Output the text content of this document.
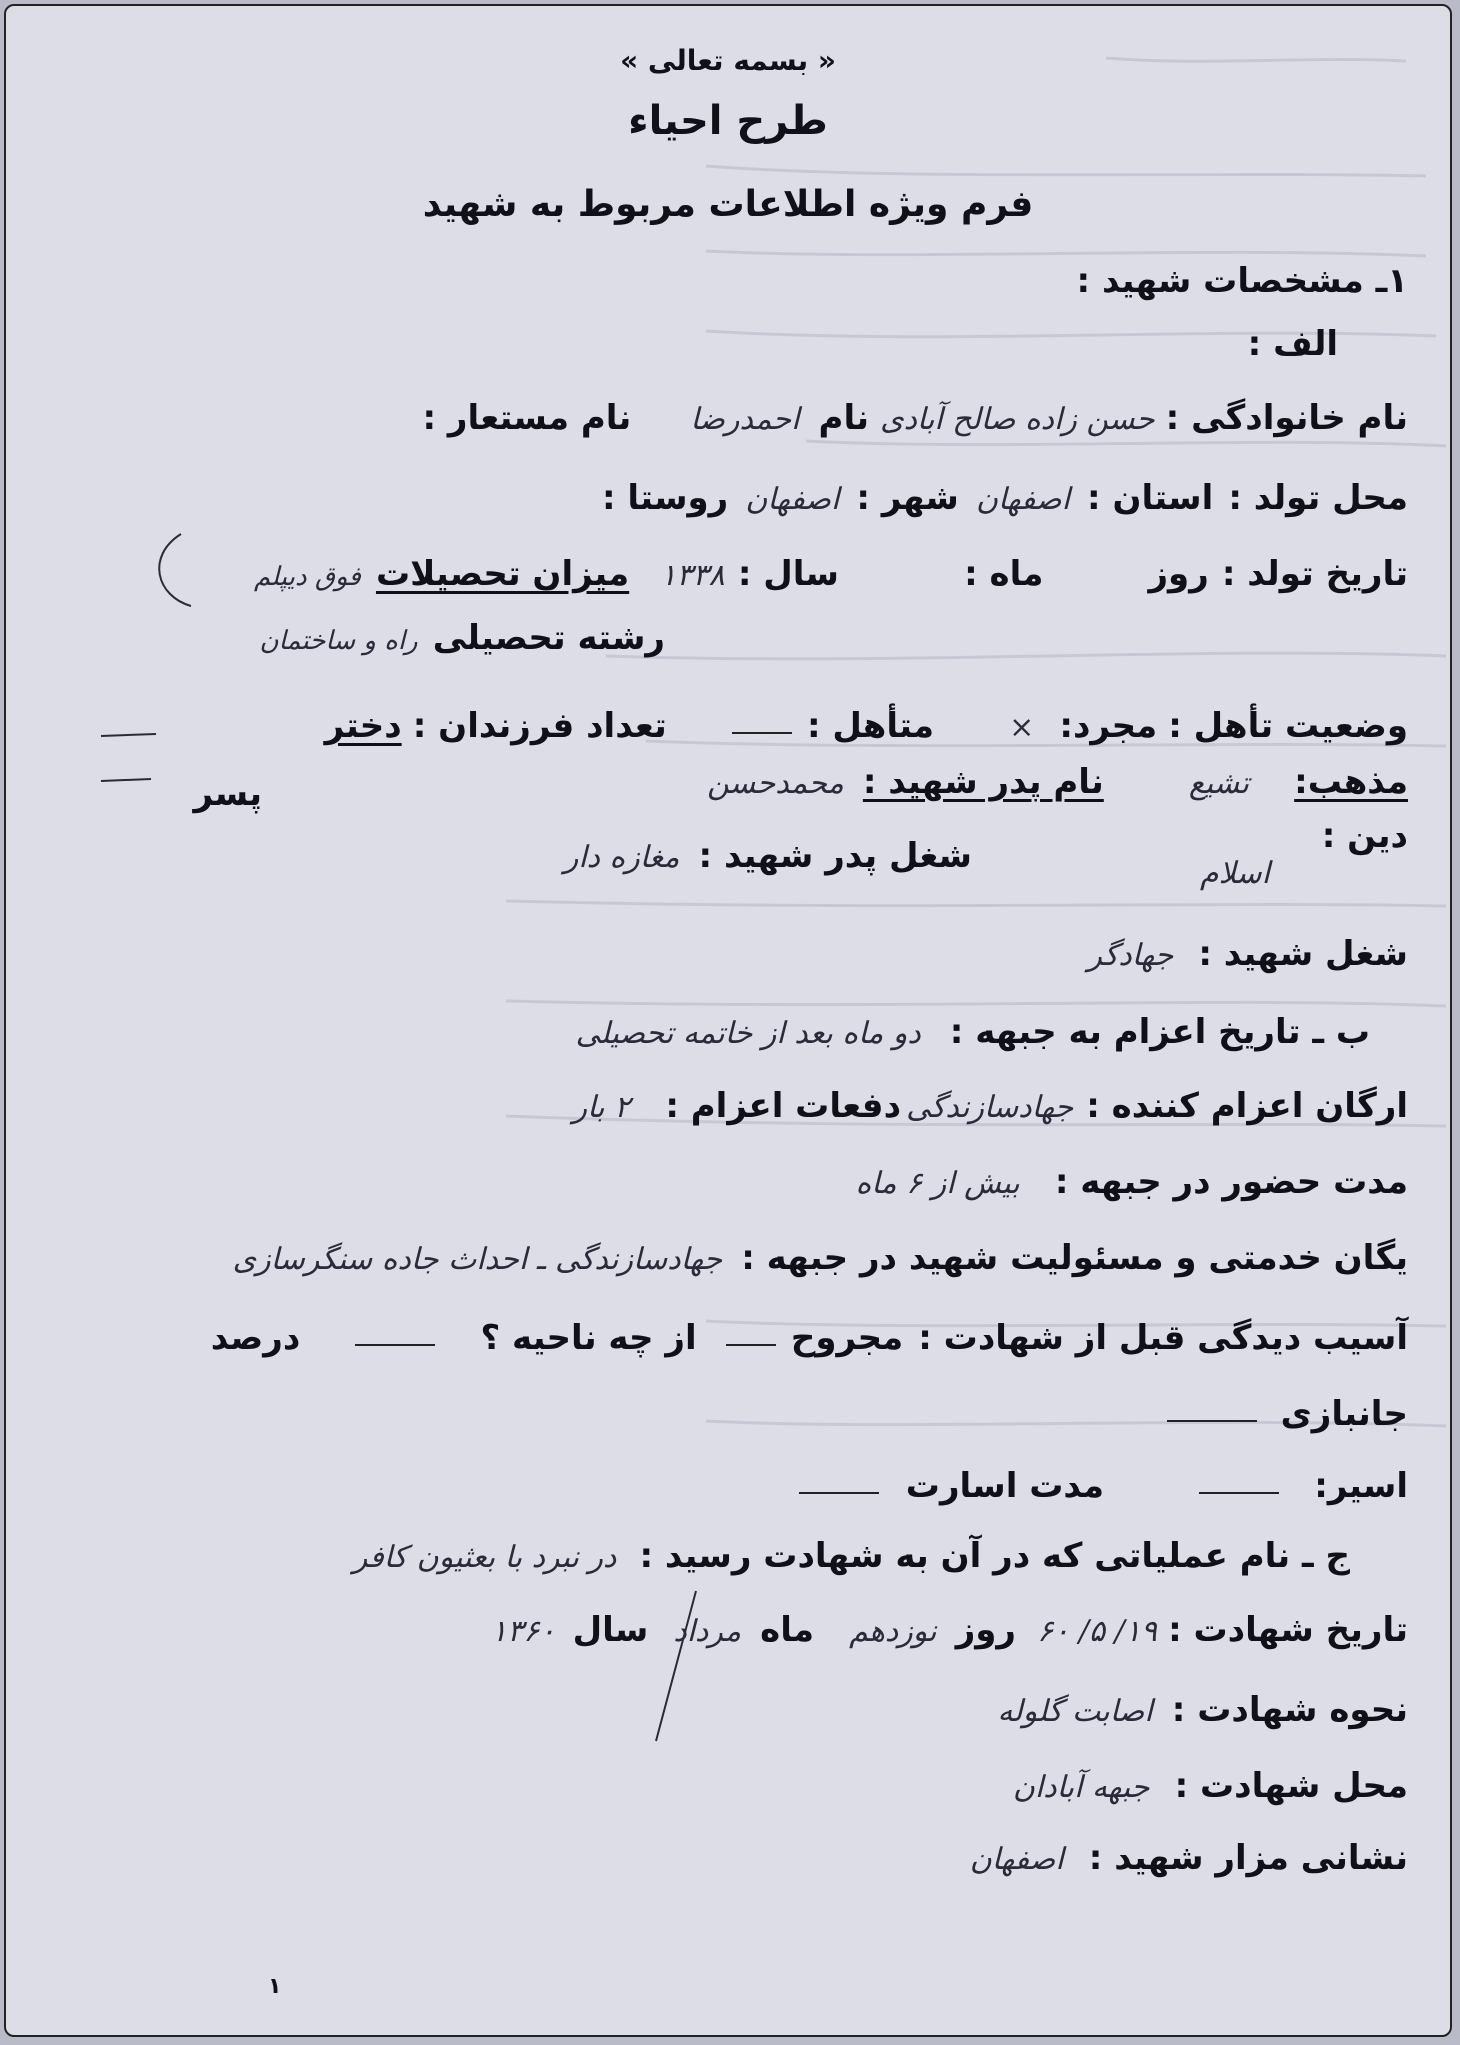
« بسمه تعالی »
طرح احیاء
فرم ویژه اطلاعات مربوط به شهید
۱ـ مشخصات شهید :
الف :
نام خانوادگی : حسن زاده صالح آبادی نام احمدرضا نام مستعار :
محل تولد : استان : اصفهان شهر : اصفهان روستا :
تاریخ تولد : روز ماه : سال : ۱۳۳۸ میزان تحصیلات فوق دیپلم
رشته تحصیلی راه و ساختمان
وضعیت تأهل : مجرد: × متأهل :  تعداد فرزندان : دختر
پسر	مذهب: تشیع نام پدر شهید : محمدحسن
دین :
اسلام
شغل پدر شهید : مغازه دار
شغل شهید : جهادگر
ب ـ تاریخ اعزام به جبهه : دو ماه بعد از خاتمه تحصیلی
ارگان اعزام کننده : جهادسازندگی دفعات اعزام : ۲ بار
مدت حضور در جبهه : بیش از ۶ ماه
یگان خدمتی و مسئولیت شهید در جبهه : جهادسازندگی ـ احداث جاده سنگرسازی
آسیب دیدگی قبل از شهادت : مجروح  از چه ناحیه ؟  درصد
جانبازی
اسیر:  مدت اسارت
ج ـ نام عملیاتی که در آن به شهادت رسید : در نبرد با بعثیون کافر
تاریخ شهادت : ۱۹/ ۵/ ۶۰ روز نوزدهم ماه مرداد سال ۱۳۶۰
نحوه شهادت : اصابت گلوله
محل شهادت : جبهه آبادان
نشانی مزار شهید : اصفهان
۱
